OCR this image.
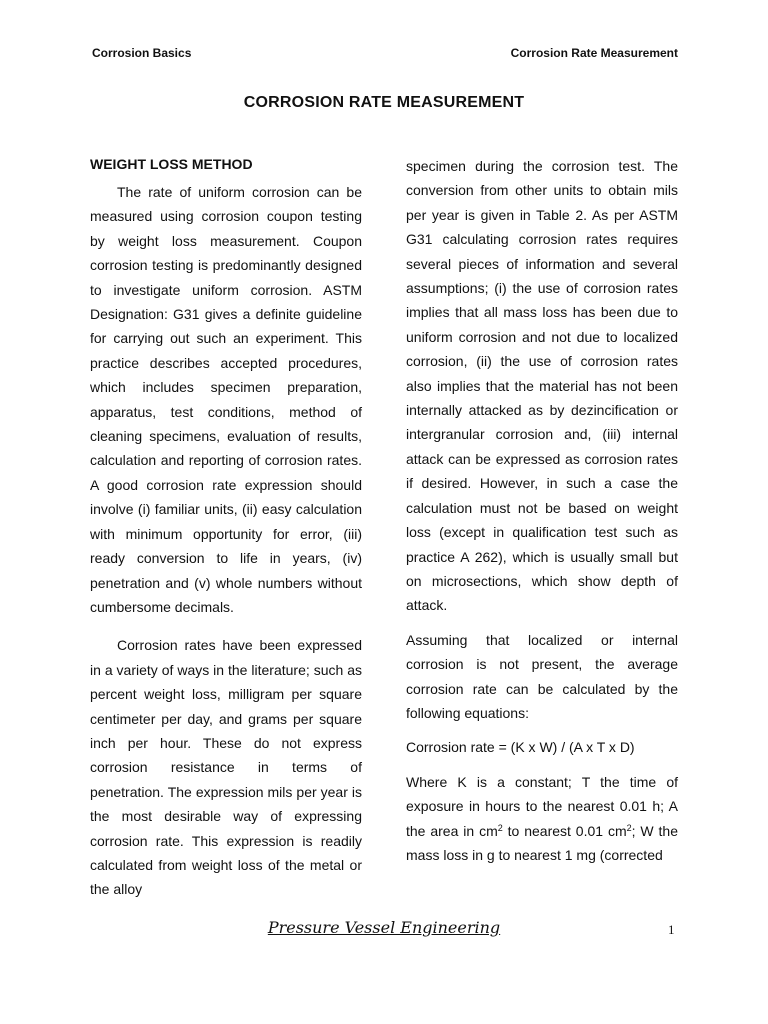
Corrosion Basics	Corrosion Rate Measurement
CORROSION RATE MEASUREMENT
WEIGHT LOSS METHOD

The rate of uniform corrosion can be measured using corrosion coupon testing by weight loss measurement. Coupon corrosion testing is predominantly designed to investigate uniform corrosion. ASTM Designation: G31 gives a definite guideline for carrying out such an experiment. This practice describes accepted procedures, which includes specimen preparation, apparatus, test conditions, method of cleaning specimens, evaluation of results, calculation and reporting of corrosion rates. A good corrosion rate expression should involve (i) familiar units, (ii) easy calculation with minimum opportunity for error, (iii) ready conversion to life in years, (iv) penetration and (v) whole numbers without cumbersome decimals.

Corrosion rates have been expressed in a variety of ways in the literature; such as percent weight loss, milligram per square centimeter per day, and grams per square inch per hour. These do not express corrosion resistance in terms of penetration. The expression mils per year is the most desirable way of expressing corrosion rate. This expression is readily calculated from weight loss of the metal or the alloy

specimen during the corrosion test. The conversion from other units to obtain mils per year is given in Table 2. As per ASTM G31 calculating corrosion rates requires several pieces of information and several assumptions; (i) the use of corrosion rates implies that all mass loss has been due to uniform corrosion and not due to localized corrosion, (ii) the use of corrosion rates also implies that the material has not been internally attacked as by dezincification or intergranular corrosion and, (iii) internal attack can be expressed as corrosion rates if desired. However, in such a case the calculation must not be based on weight loss (except in qualification test such as practice A 262), which is usually small but on microsections, which show depth of attack.

Assuming that localized or internal corrosion is not present, the average corrosion rate can be calculated by the following equations:

Corrosion rate = (K x W) / (A x T x D)

Where K is a constant; T the time of exposure in hours to the nearest 0.01 h; A the area in $cm^2$ to nearest 0.01 $cm^2$; W the mass loss in g to nearest 1 mg (corrected

Pressure Vessel Engineering	1
